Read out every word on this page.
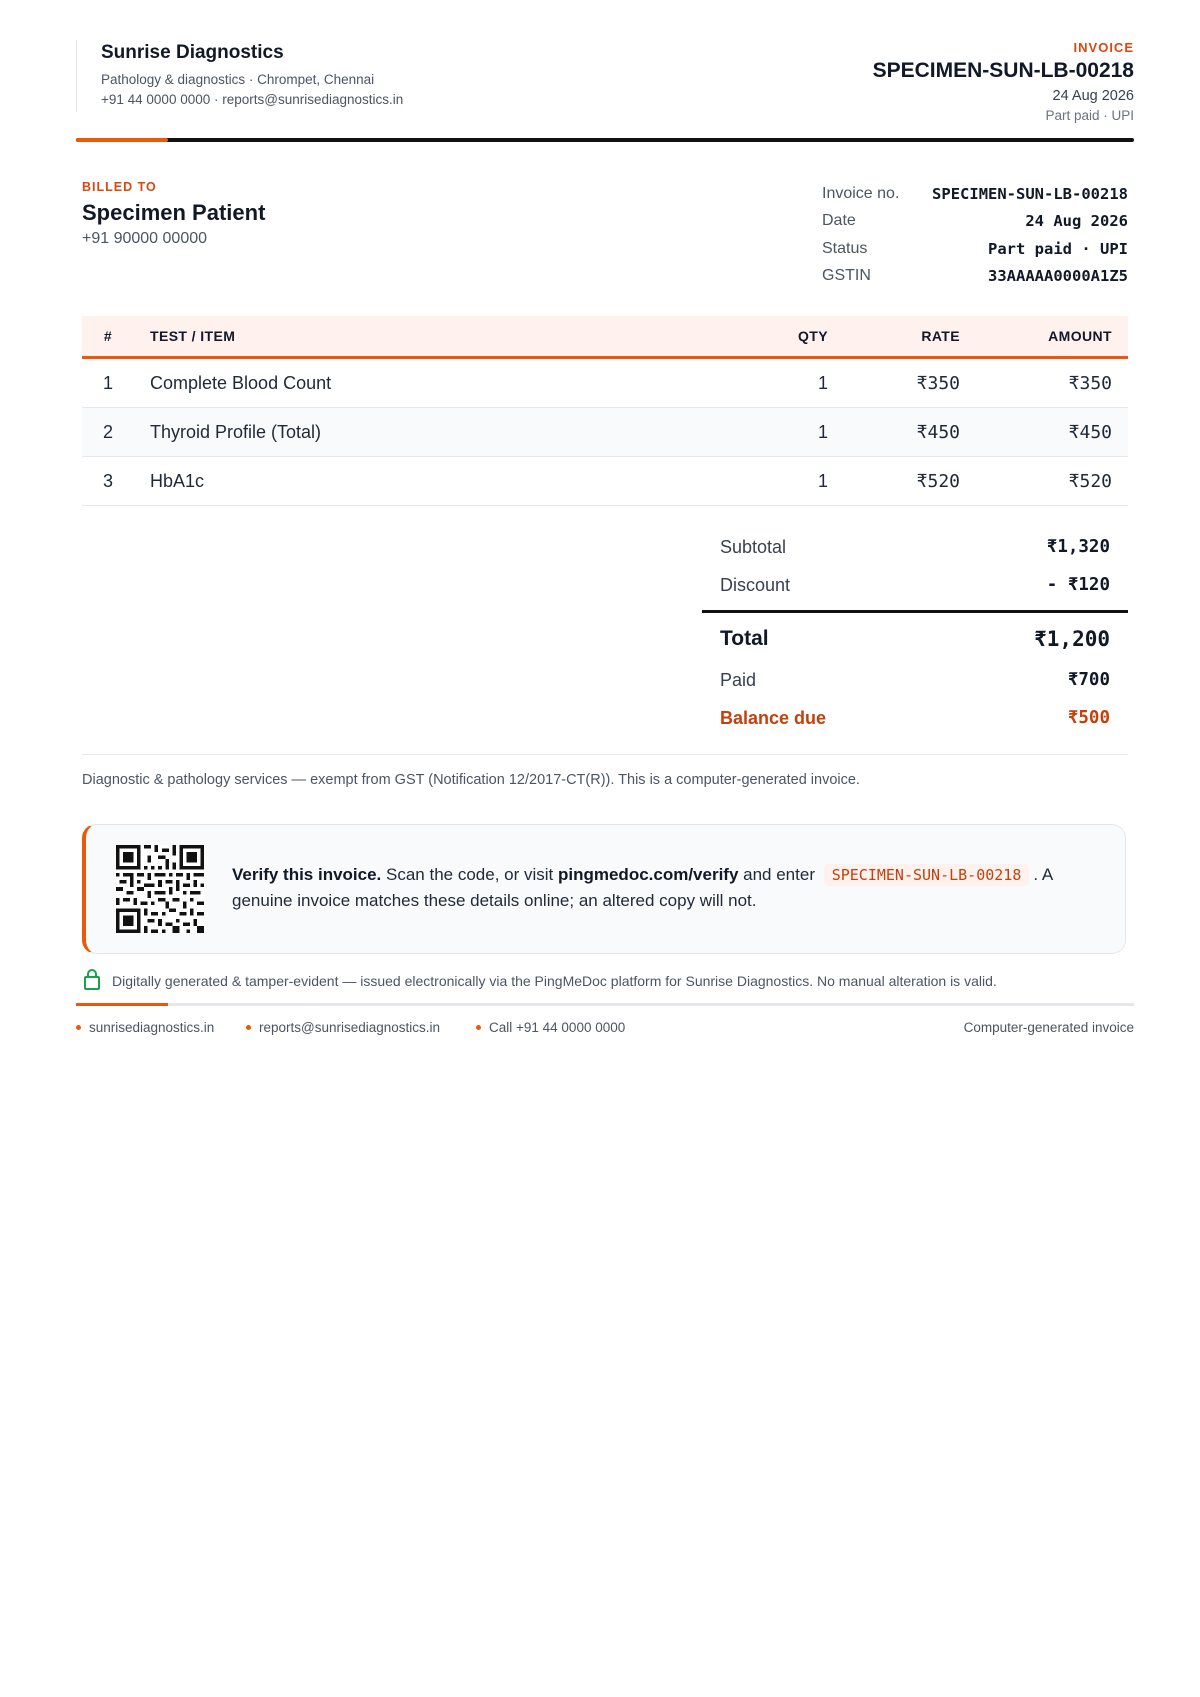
Sunrise Diagnostics
Pathology & diagnostics · Chrompet, Chennai
+91 44 0000 0000 · reports@sunrisediagnostics.in
INVOICE
SPECIMEN-SUN-LB-00218
24 Aug 2026
Part paid · UPI
BILLED TO
Specimen Patient
+91 90000 00000
Invoice no. SPECIMEN-SUN-LB-00218
Date	24 Aug 2026
Status	Part paid · UPI
GSTIN	33AAAAA0000A1Z5
#	TEST / ITEM	QTY	RATE	AMOUNT
1	Complete Blood Count	1	₹350	₹350
2	Thyroid Profile (Total)	1	₹450	₹450
3	HbA1c	1	₹520	₹520
Subtotal	₹1,320
Discount	- ₹120
Total	₹1,200
Paid	₹700
Balance due	₹500
Diagnostic & pathology services — exempt from GST (Notification 12/2017-CT(R)). This is a computer-generated invoice.
Verify this invoice. Scan the code, or visit pingmedoc.com/verify and enter SPECIMEN-SUN-LB-00218 . A genuine invoice matches these details online; an altered copy will not.
Digitally generated & tamper-evident — issued electronically via the PingMeDoc platform for Sunrise Diagnostics. No manual alteration is valid.
sunrisediagnostics.in	reports@sunrisediagnostics.in	Call +91 44 0000 0000	Computer-generated invoice
